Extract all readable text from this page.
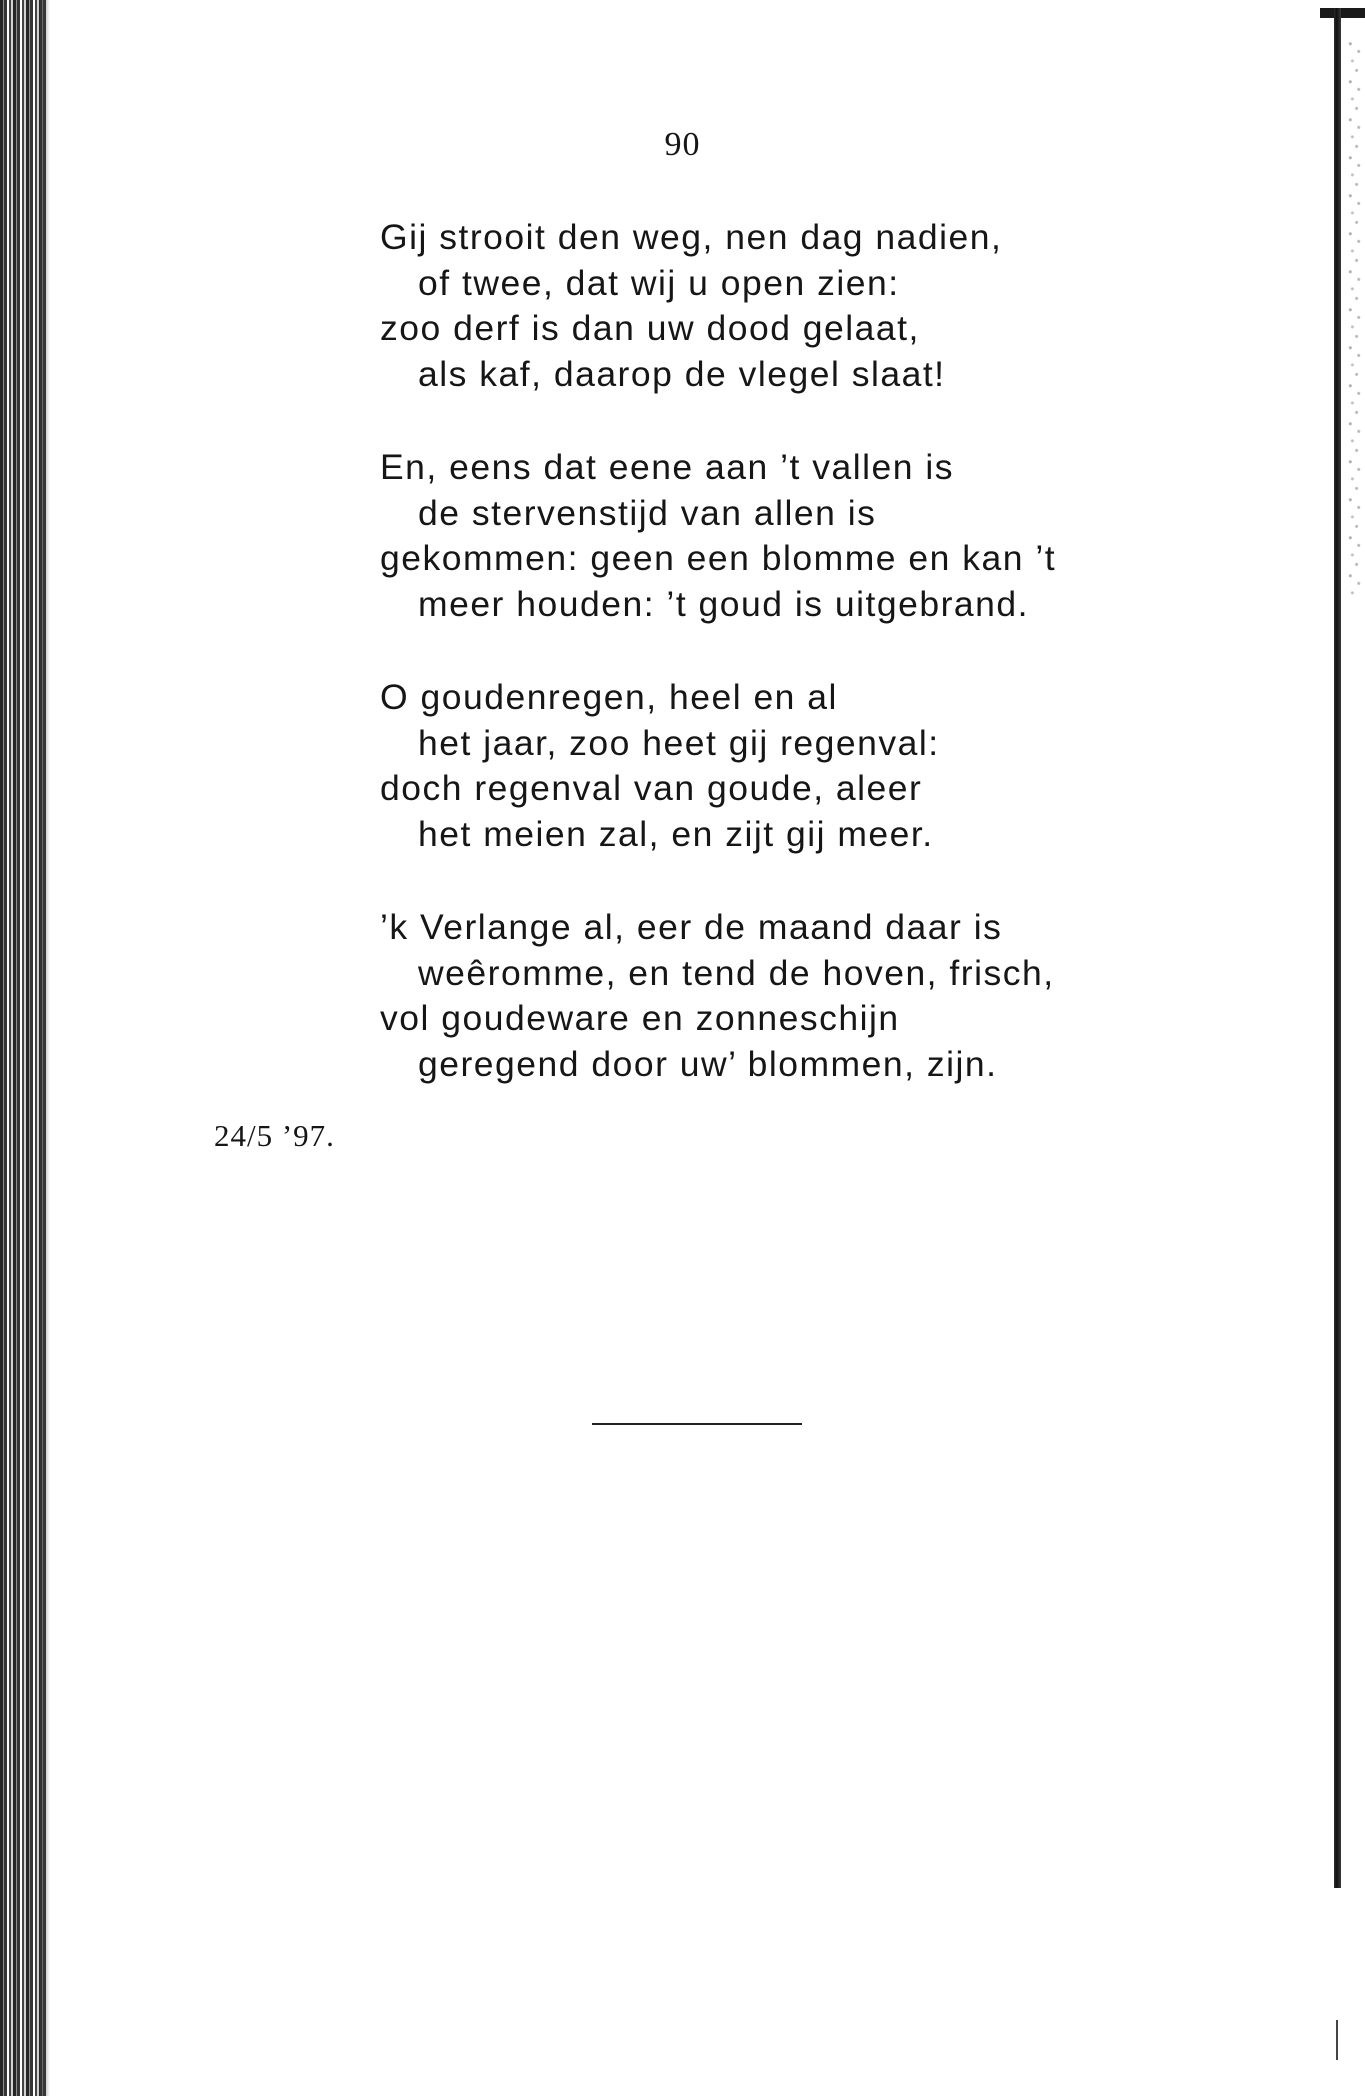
90
Gij strooit den weg, nen dag nadien,
of twee, dat wij u open zien:
zoo derf is dan uw dood gelaat,
als kaf, daarop de vlegel slaat!
En, eens dat eene aan ’t vallen is
de stervenstijd van allen is
gekommen: geen een blomme en kan ’t
meer houden: ’t goud is uitgebrand.
O goudenregen, heel en al
het jaar, zoo heet gij regenval:
doch regenval van goude, aleer
het meien zal, en zijt gij meer.
’k Verlange al, eer de maand daar is
weêromme, en tend de hoven, frisch,
vol goudeware en zonneschijn
geregend door uw’ blommen, zijn.
24/5 ’97.
